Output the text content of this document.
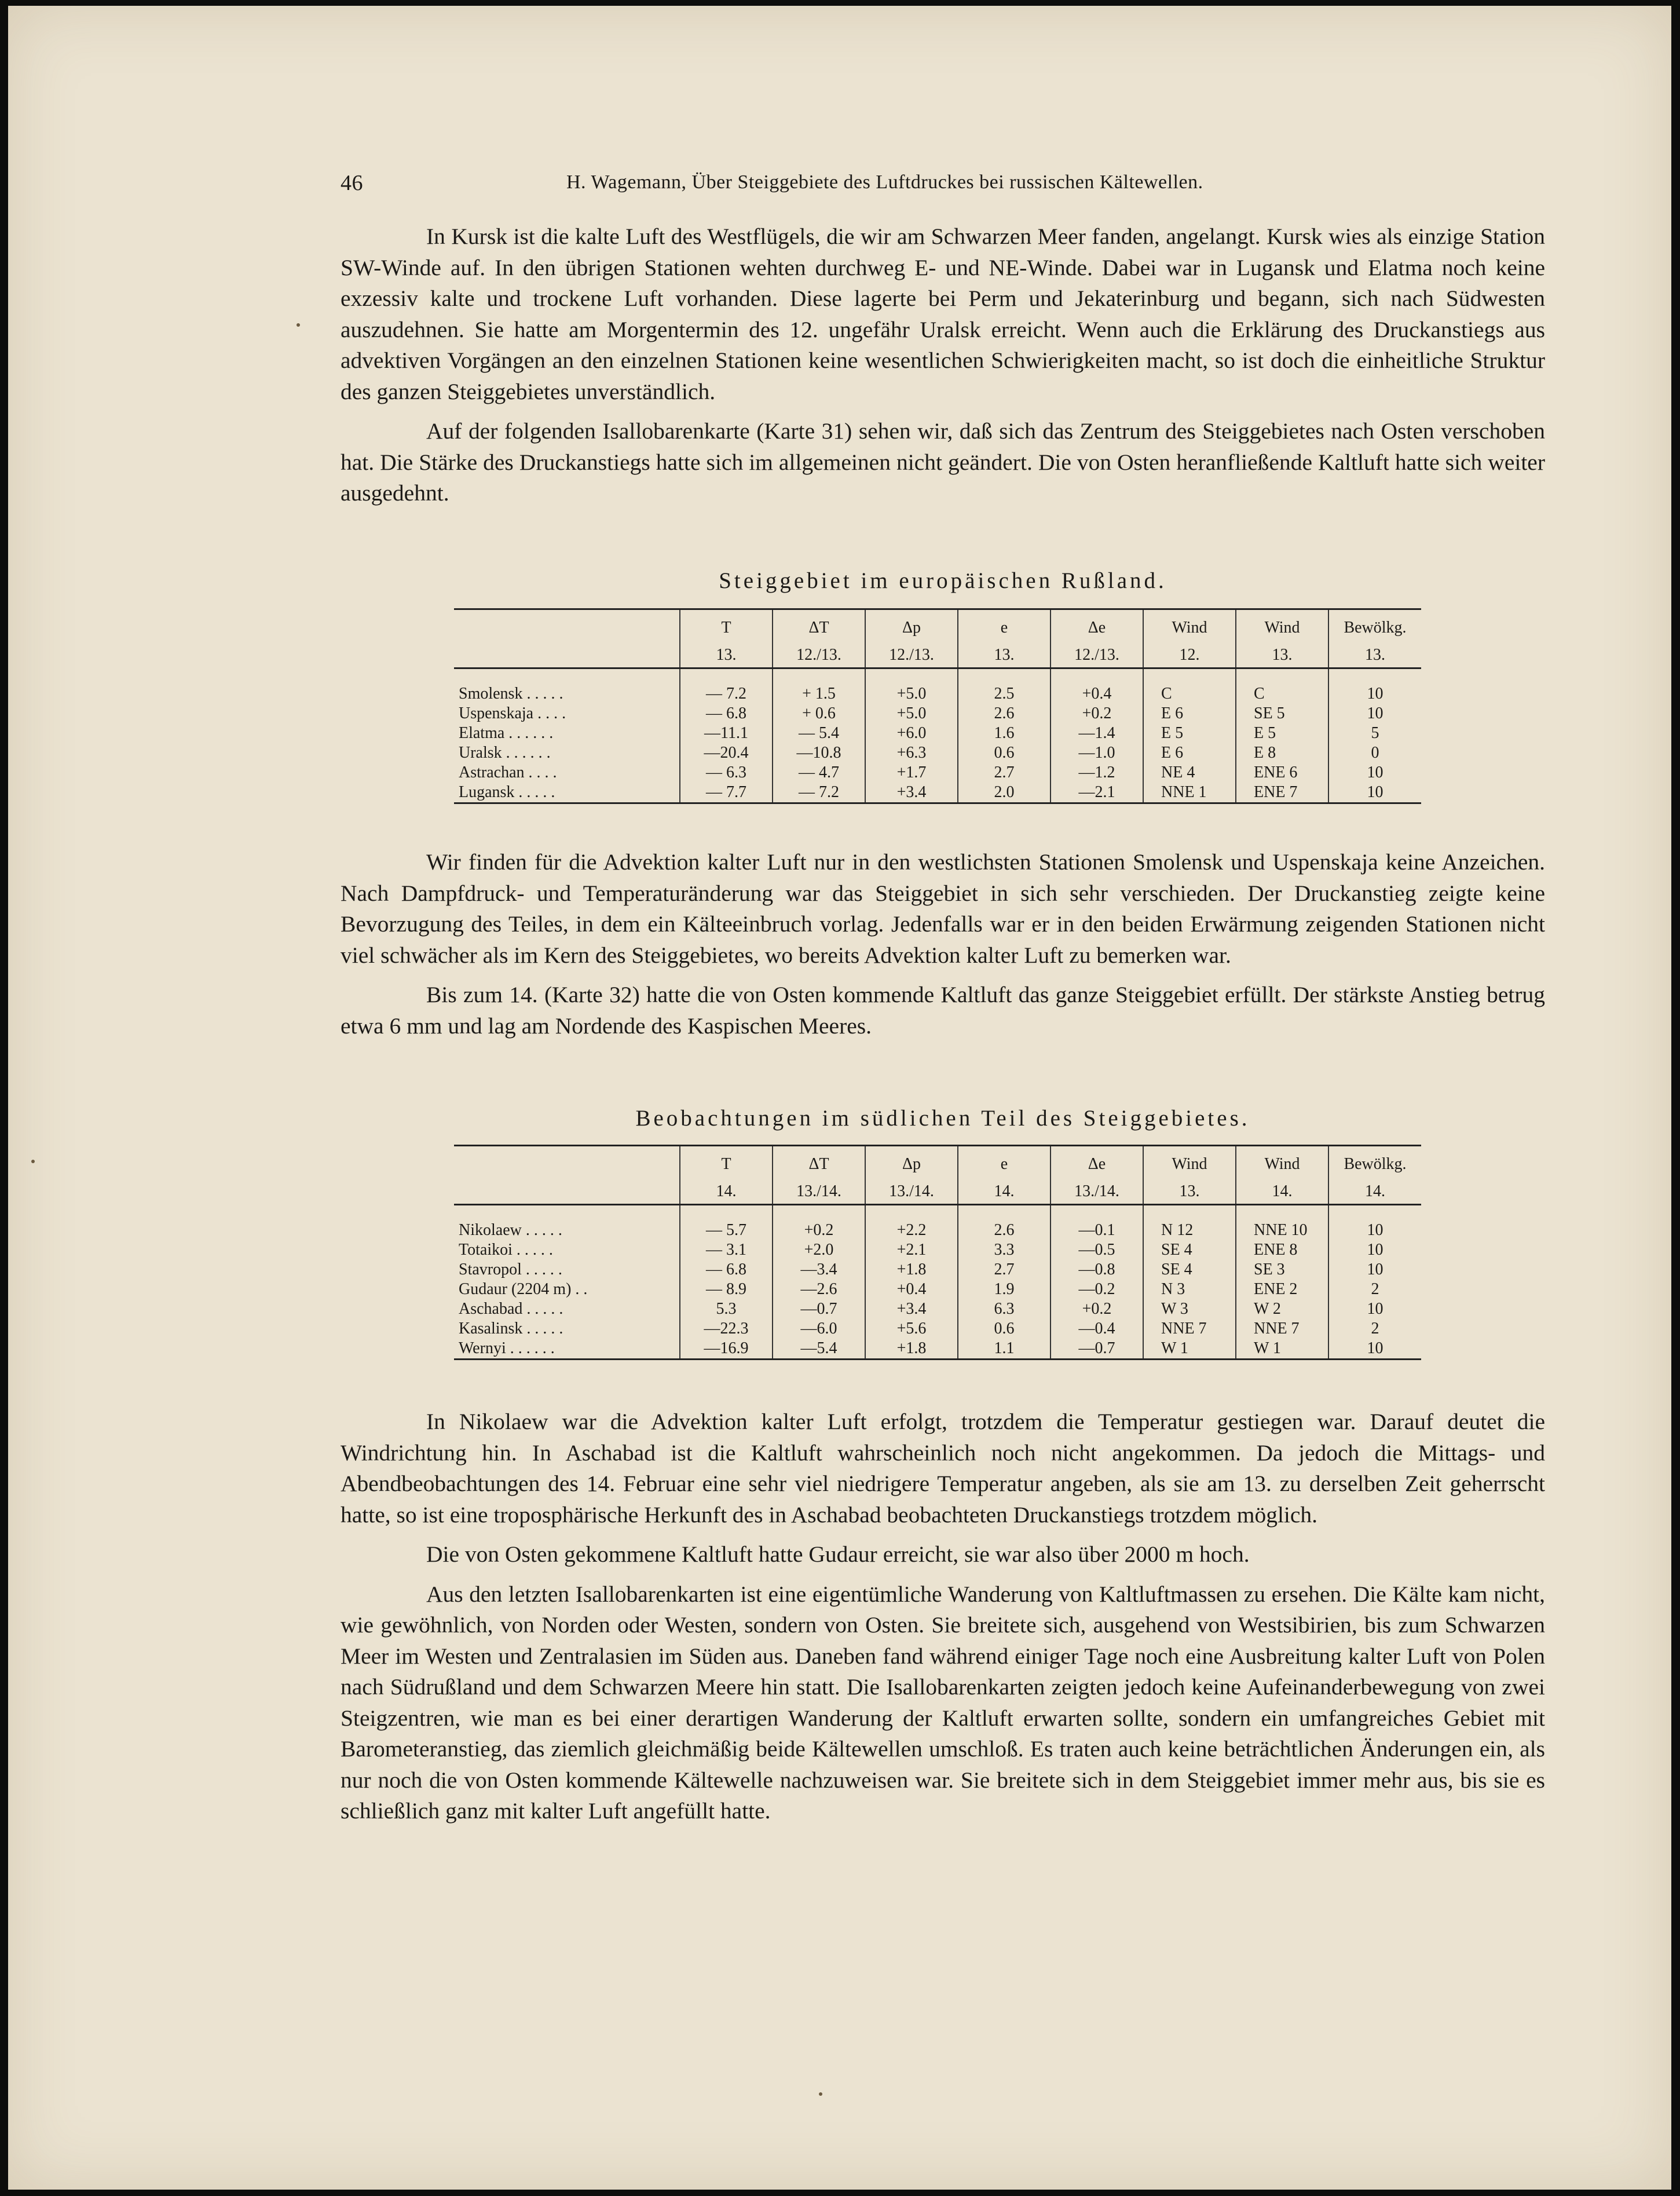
46	H. Wagemann, Über Steiggebiete des Luftdruckes bei russischen Kältewellen.

In Kursk ist die kalte Luft des Westflügels, die wir am Schwarzen Meer fanden, angelangt. Kursk wies als einzige Station SW-Winde auf. In den übrigen Stationen wehten durchweg E- und NE-Winde. Dabei war in Lugansk und Elatma noch keine exzessiv kalte und trockene Luft vorhanden. Diese lagerte bei Perm und Jekaterinburg und begann, sich nach Südwesten auszudehnen. Sie hatte am Morgentermin des 12. ungefähr Uralsk erreicht. Wenn auch die Erklärung des Druckanstiegs aus advektiven Vorgängen an den einzelnen Stationen keine wesentlichen Schwierigkeiten macht, so ist doch die einheitliche Struktur des ganzen Steiggebietes unverständlich.

Auf der folgenden Isallobarenkarte (Karte 31) sehen wir, daß sich das Zentrum des Steiggebietes nach Osten verschoben hat. Die Stärke des Druckanstiegs hatte sich im allgemeinen nicht geändert. Die von Osten heranfließende Kaltluft hatte sich weiter ausgedehnt.

Steiggebiet im europäischen Rußland.
	T	ΔT	Δp	e	Δe	Wind	Wind	Bewölkg.
	13.	12./13.	12./13.	13.	12./13.	12.	13.	13.

Smolensk . . . . .	— 7.2	+ 1.5	+5.0	2.5	+0.4	C	C	10
Uspenskaja . . . .	— 6.8	+ 0.6	+5.0	2.6	+0.2	E 6	SE 5	10
Elatma . . . . . .	—11.1	— 5.4	+6.0	1.6	—1.4	E 5	E 5	5
Uralsk . . . . . .	—20.4	—10.8	+6.3	0.6	—1.0	E 6	E 8	0
Astrachan . . . .	— 6.3	— 4.7	+1.7	2.7	—1.2	NE 4	ENE 6	10
Lugansk . . . . .	— 7.7	— 7.2	+3.4	2.0	—2.1	NNE 1	ENE 7	10

Wir finden für die Advektion kalter Luft nur in den westlichsten Stationen Smolensk und Uspenskaja keine Anzeichen. Nach Dampfdruck- und Temperaturänderung war das Steiggebiet in sich sehr verschieden. Der Druckanstieg zeigte keine Bevorzugung des Teiles, in dem ein Kälteeinbruch vorlag. Jedenfalls war er in den beiden Erwärmung zeigenden Stationen nicht viel schwächer als im Kern des Steiggebietes, wo bereits Advektion kalter Luft zu bemerken war.

Bis zum 14. (Karte 32) hatte die von Osten kommende Kaltluft das ganze Steiggebiet erfüllt. Der stärkste Anstieg betrug etwa 6 mm und lag am Nordende des Kaspischen Meeres.

Beobachtungen im südlichen Teil des Steiggebietes.
	T	ΔT	Δp	e	Δe	Wind	Wind	Bewölkg.
	14.	13./14.	13./14.	14.	13./14.	13.	14.	14.

Nikolaew . . . . .	— 5.7	+0.2	+2.2	2.6	—0.1	N 12	NNE 10	10
Totaikoi . . . . .	— 3.1	+2.0	+2.1	3.3	—0.5	SE 4	ENE 8	10
Stavropol . . . . .	— 6.8	—3.4	+1.8	2.7	—0.8	SE 4	SE 3	10
Gudaur (2204 m) . .	— 8.9	—2.6	+0.4	1.9	—0.2	N 3	ENE 2	2
Aschabad . . . . .	5.3	—0.7	+3.4	6.3	+0.2	W 3	W 2	10
Kasalinsk . . . . .	—22.3	—6.0	+5.6	0.6	—0.4	NNE 7	NNE 7	2
Wernyi . . . . . .	—16.9	—5.4	+1.8	1.1	—0.7	W 1	W 1	10

In Nikolaew war die Advektion kalter Luft erfolgt, trotzdem die Temperatur gestiegen war. Darauf deutet die Windrichtung hin. In Aschabad ist die Kaltluft wahrscheinlich noch nicht angekommen. Da jedoch die Mittags- und Abendbeobachtungen des 14. Februar eine sehr viel niedrigere Temperatur angeben, als sie am 13. zu derselben Zeit geherrscht hatte, so ist eine troposphärische Herkunft des in Aschabad beobachteten Druckanstiegs trotzdem möglich.

Die von Osten gekommene Kaltluft hatte Gudaur erreicht, sie war also über 2000 m hoch.

Aus den letzten Isallobarenkarten ist eine eigentümliche Wanderung von Kaltluftmassen zu ersehen. Die Kälte kam nicht, wie gewöhnlich, von Norden oder Westen, sondern von Osten. Sie breitete sich, ausgehend von Westsibirien, bis zum Schwarzen Meer im Westen und Zentralasien im Süden aus. Daneben fand während einiger Tage noch eine Ausbreitung kalter Luft von Polen nach Südrußland und dem Schwarzen Meere hin statt. Die Isallobarenkarten zeigten jedoch keine Aufeinanderbewegung von zwei Steigzentren, wie man es bei einer derartigen Wanderung der Kaltluft erwarten sollte, sondern ein umfangreiches Gebiet mit Barometeranstieg, das ziemlich gleichmäßig beide Kältewellen umschloß. Es traten auch keine beträchtlichen Änderungen ein, als nur noch die von Osten kommende Kältewelle nachzuweisen war. Sie breitete sich in dem Steiggebiet immer mehr aus, bis sie es schließlich ganz mit kalter Luft angefüllt hatte.
